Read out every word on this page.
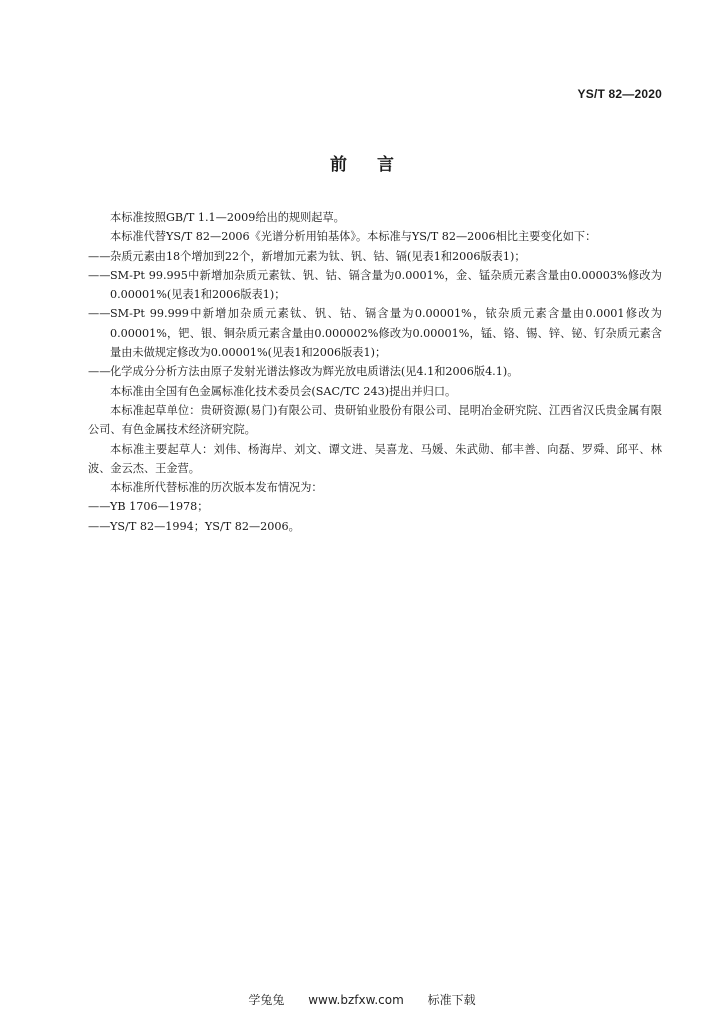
YS/T 82—2020
前言

本标准按照GB/T 1.1—2009给出的规则起草。

本标准代替YS/T 82—2006《光谱分析用铂基体》。本标准与YS/T 82—2006相比主要变化如下：

—— 杂质元素由18个增加到22个，新增加元素为钛、钒、钴、镉(见表1和2006版表1)；

—— SM-Pt 99.995中新增加杂质元素钛、钒、钴、镉含量为0.0001%，金、锰杂质元素含量由0.00003%修改为0.00001%(见表1和2006版表1)；

—— SM-Pt 99.999中新增加杂质元素钛、钒、钴、镉含量为0.00001%，铱杂质元素含量由0.0001修改为0.00001%，钯、银、铜杂质元素含量由0.000002%修改为0.00001%，锰、铬、锡、锌、铋、钌杂质元素含量由未做规定修改为0.00001%(见表1和2006版表1)；

—— 化学成分分析方法由原子发射光谱法修改为辉光放电质谱法(见4.1和2006版4.1)。

本标准由全国有色金属标准化技术委员会(SAC/TC 243)提出并归口。

本标准起草单位：贵研资源(易门)有限公司、贵研铂业股份有限公司、昆明冶金研究院、江西省汉氏贵金属有限公司、有色金属技术经济研究院。

本标准主要起草人：刘伟、杨海岸、刘文、谭文进、吴喜龙、马媛、朱武勋、郁丰善、向磊、罗舜、邱平、林波、金云杰、王金营。

本标准所代替标准的历次版本发布情况为：

—— YB 1706—1978；

—— YS/T 82—1994；YS/T 82—2006。

学兔兔 www.bzfxw.com 标准下载
